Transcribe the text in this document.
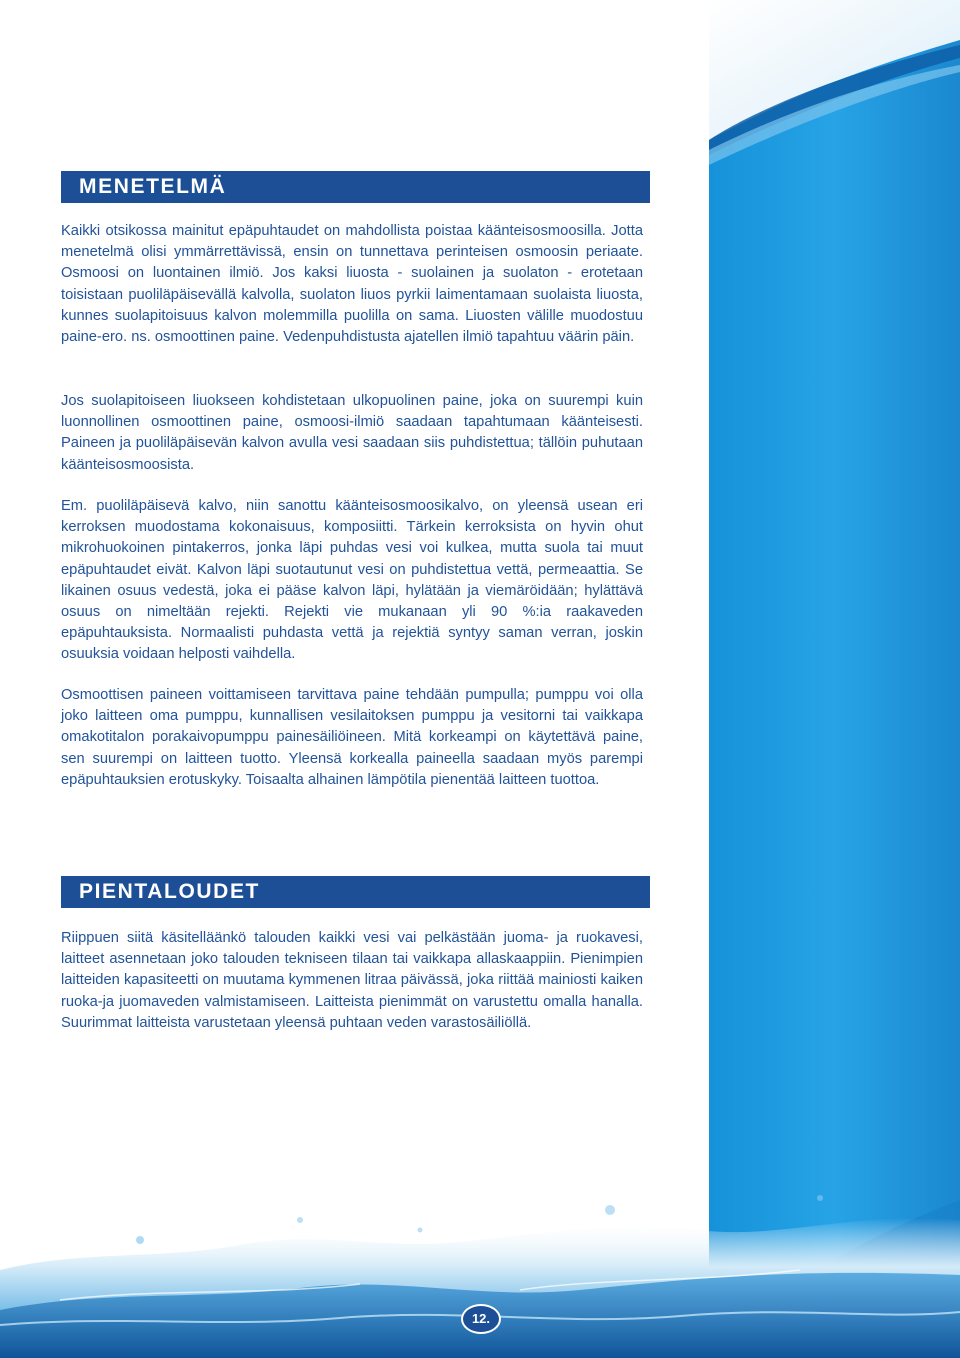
MENETELMÄ

Kaikki otsikossa mainitut epäpuhtaudet on mahdollista poistaa käänteisosmoosilla. Jotta menetelmä olisi ymmärrettävissä, ensin on tunnettava perinteisen osmoosin periaate. Osmoosi on luontainen ilmiö. Jos kaksi liuosta - suolainen ja suolaton - erotetaan toisistaan puoliläpäisevällä kalvolla, suolaton liuos pyrkii laimentamaan suolaista liuosta, kunnes suolapitoisuus kalvon molemmilla puolilla on sama. Liuosten välille muodostuu paine-ero. ns. osmoottinen paine. Vedenpuhdistusta ajatellen ilmiö tapahtuu väärin päin.

Jos suolapitoiseen liuokseen kohdistetaan ulkopuolinen paine, joka on suurempi kuin luonnollinen osmoottinen paine, osmoosi-ilmiö saadaan tapahtumaan käänteisesti. Paineen ja puoliläpäisevän kalvon avulla vesi saadaan siis puhdistettua; tällöin puhutaan käänteisosmoosista.

Em. puoliläpäisevä kalvo, niin sanottu käänteisosmoosikalvo, on yleensä usean eri kerroksen muodostama kokonaisuus, komposiitti. Tärkein kerroksista on hyvin ohut mikrohuokoinen pintakerros, jonka läpi puhdas vesi voi kulkea, mutta suola tai muut epäpuhtaudet eivät. Kalvon läpi suotautunut vesi on puhdistettua vettä, permeaattia. Se likainen osuus vedestä, joka ei pääse kalvon läpi, hylätään ja viemäröidään; hylättävä osuus on nimeltään rejekti. Rejekti vie mukanaan yli 90 %:ia raakaveden epäpuhtauksista. Normaalisti puhdasta vettä ja rejektiä syntyy saman verran, joskin osuuksia voidaan helposti vaihdella.

Osmoottisen paineen voittamiseen tarvittava paine tehdään pumpulla; pumppu voi olla joko laitteen oma pumppu, kunnallisen vesilaitoksen pumppu ja vesitorni tai vaikkapa omakotitalon porakaivopumppu painesäiliöineen. Mitä korkeampi on käytettävä paine, sen suurempi on laitteen tuotto. Yleensä korkealla paineella saadaan myös parempi epäpuhtauksien erotuskyky. Toisaalta alhainen lämpötila pienentää laitteen tuottoa.

PIENTALOUDET

Riippuen siitä käsitelläänkö talouden kaikki vesi vai pelkästään juoma- ja ruokavesi, laitteet asennetaan joko talouden tekniseen tilaan tai vaikkapa allaskaappiin. Pienimpien laitteiden kapasiteetti on muutama kymmenen litraa päivässä, joka riittää mainiosti kaiken ruoka-ja juomaveden valmistamiseen. Laitteista pienimmät on varustettu omalla hanalla. Suurimmat laitteista varustetaan yleensä puhtaan veden varastosäiliöllä.

12.
